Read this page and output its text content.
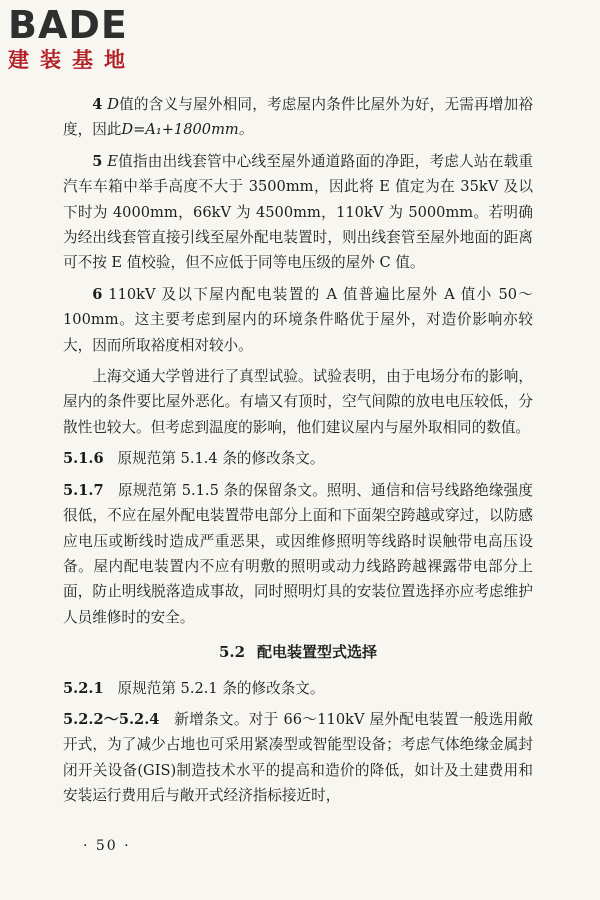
BADE
建装基地

4 D值的含义与屋外相同，考虑屋内条件比屋外为好，无需再增加裕度，因此D=A₁+1800mm。

5 E值指由出线套管中心线至屋外通道路面的净距，考虑人站在载重汽车车箱中举手高度不大于 3500mm，因此将 E 值定为在 35kV 及以下时为 4000mm，66kV 为 4500mm，110kV 为 5000mm。若明确为经出线套管直接引线至屋外配电装置时，则出线套管至屋外地面的距离可不按 E 值校验，但不应低于同等电压级的屋外 C 值。

6 110kV 及以下屋内配电装置的 A 值普遍比屋外 A 值小 50～100mm。这主要考虑到屋内的环境条件略优于屋外，对造价影响亦较大，因而所取裕度相对较小。

上海交通大学曾进行了真型试验。试验表明，由于电场分布的影响，屋内的条件要比屋外恶化。有墙又有顶时，空气间隙的放电电压较低，分散性也较大。但考虑到温度的影响，他们建议屋内与屋外取相同的数值。

5.1.6 原规范第 5.1.4 条的修改条文。

5.1.7 原规范第 5.1.5 条的保留条文。照明、通信和信号线路绝缘强度很低，不应在屋外配电装置带电部分上面和下面架空跨越或穿过，以防感应电压或断线时造成严重恶果，或因维修照明等线路时误触带电高压设备。屋内配电装置内不应有明敷的照明或动力线路跨越裸露带电部分上面，防止明线脱落造成事故，同时照明灯具的安装位置选择亦应考虑维护人员维修时的安全。

5.2 配电装置型式选择

5.2.1 原规范第 5.2.1 条的修改条文。

5.2.2～5.2.4 新增条文。对于 66～110kV 屋外配电装置一般选用敞开式，为了减少占地也可采用紧凑型或智能型设备；考虑气体绝缘金属封闭开关设备(GIS)制造技术水平的提高和造价的降低，如计及土建费用和安装运行费用后与敞开式经济指标接近时，

· 50 ·
